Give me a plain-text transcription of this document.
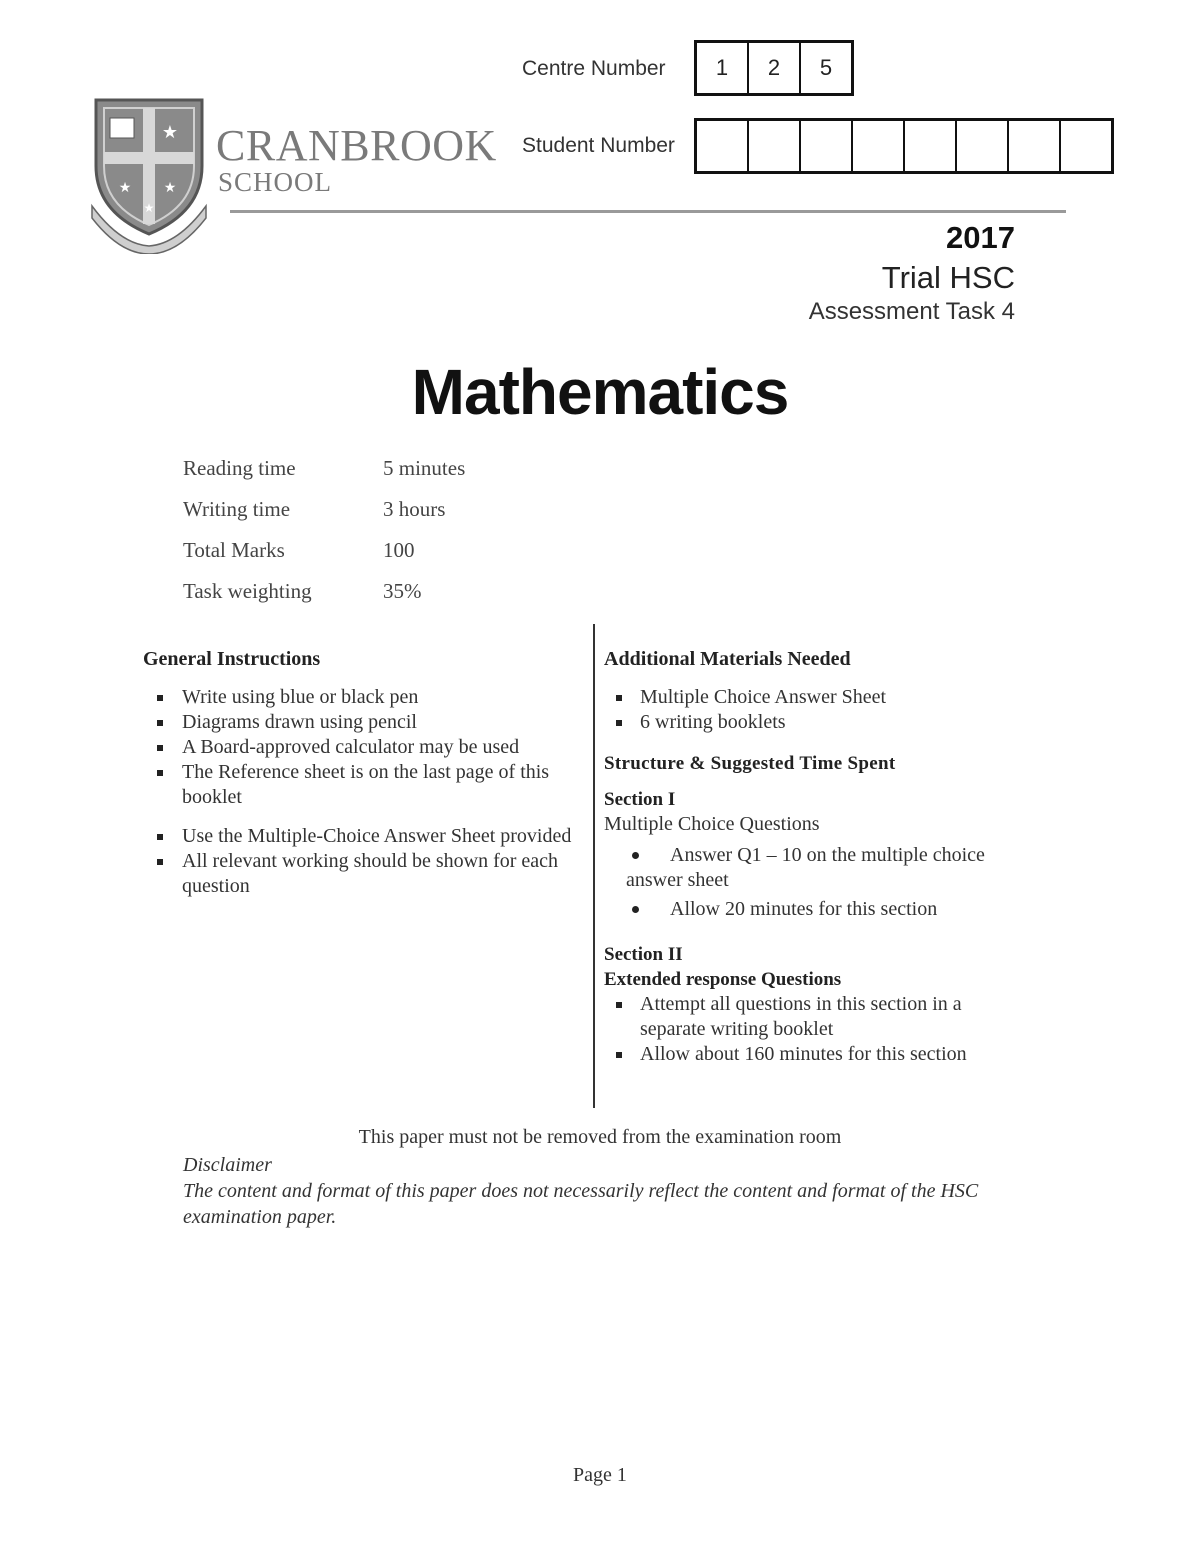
★
★ ★
★
CRANBROOK
SCHOOL
Centre Number	1	2	5
Student Number
2017
Trial HSC
Assessment Task 4
Mathematics
Reading time	5 minutes
Writing time	3 hours
Total Marks	100
Task weighting	35%
General Instructions
Write using blue or black pen
Diagrams drawn using pencil
A Board-approved calculator may be used
The Reference sheet is on the last page of this booklet
Use the Multiple-Choice Answer Sheet provided
All relevant working should be shown for each question
Additional Materials Needed
Multiple Choice Answer Sheet
6 writing booklets
Structure & Suggested Time Spent
Section I
Multiple Choice Questions
Answer Q1 – 10 on the multiple choice
answer sheet
Allow 20 minutes for this section
Section II
Extended response Questions
Attempt all questions in this section in a separate writing booklet
Allow about 160 minutes for this section
This paper must not be removed from the examination room
Disclaimer
The content and format of this paper does not necessarily reflect the content and format of the HSC examination paper.
Page 1
